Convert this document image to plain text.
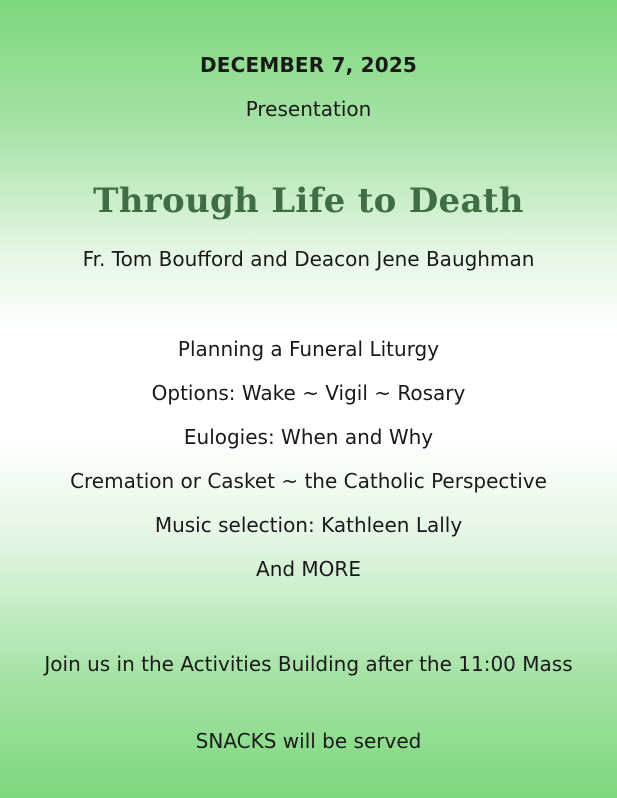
DECEMBER 7, 2025
Presentation
Through Life to Death
Fr. Tom Boufford and Deacon Jene Baughman
Planning a Funeral Liturgy
Options: Wake ~ Vigil ~ Rosary
Eulogies: When and Why
Cremation or Casket ~ the Catholic Perspective
Music selection: Kathleen Lally
And MORE
Join us in the Activities Building after the 11:00 Mass
SNACKS will be served
